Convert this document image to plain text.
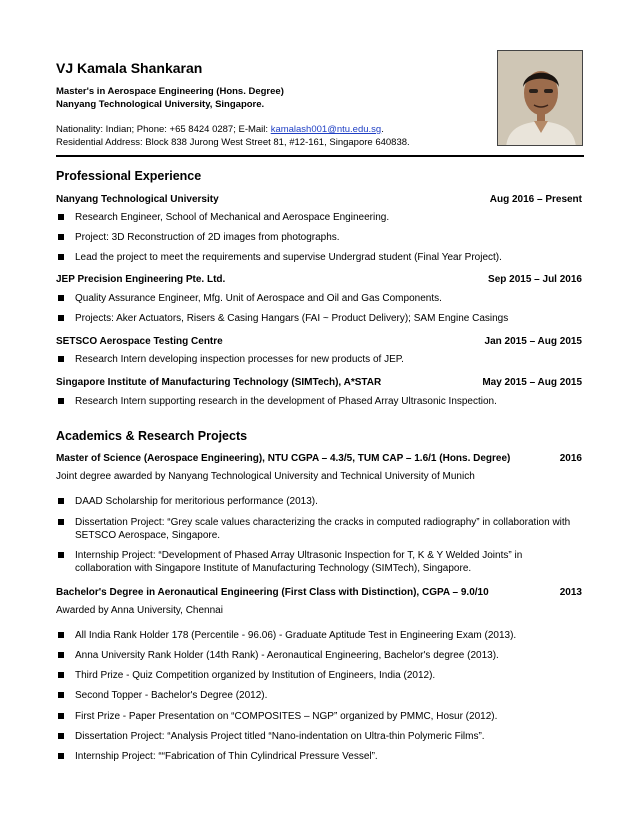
VJ Kamala Shankaran
Master's in Aerospace Engineering (Hons. Degree)
Nanyang Technological University, Singapore.
Nationality: Indian; Phone: +65 8424 0287; E-Mail: kamalash001@ntu.edu.sg.
Residential Address: Block 838 Jurong West Street 81, #12-161, Singapore 640838.
Professional Experience
Nanyang Technological University	Aug 2016 – Present
Research Engineer, School of Mechanical and Aerospace Engineering.
Project: 3D Reconstruction of 2D images from photographs.
Lead the project to meet the requirements and supervise Undergrad student (Final Year Project).
JEP Precision Engineering Pte. Ltd.	Sep 2015 – Jul 2016
Quality Assurance Engineer, Mfg. Unit of Aerospace and Oil and Gas Components.
Projects: Aker Actuators, Risers & Casing Hangars (FAI ~ Product Delivery); SAM Engine Casings
SETSCO Aerospace Testing Centre	Jan 2015 – Aug 2015
Research Intern developing inspection processes for new products of JEP.
Singapore Institute of Manufacturing Technology (SIMTech), A*STAR	May 2015 – Aug 2015
Research Intern supporting research in the development of Phased Array Ultrasonic Inspection.
Academics & Research Projects
Master of Science (Aerospace Engineering), NTU CGPA – 4.3/5, TUM CAP – 1.6/1 (Hons. Degree)	2016
Joint degree awarded by Nanyang Technological University and Technical University of Munich
DAAD Scholarship for meritorious performance (2013).
Dissertation Project: “Grey scale values characterizing the cracks in computed radiography” in collaboration with SETSCO Aerospace, Singapore.
Internship Project: “Development of Phased Array Ultrasonic Inspection for T, K & Y Welded Joints” in collaboration with Singapore Institute of Manufacturing Technology (SIMTech), Singapore.
Bachelor's Degree in Aeronautical Engineering (First Class with Distinction), CGPA – 9.0/10	2013
Awarded by Anna University, Chennai
All India Rank Holder 178 (Percentile - 96.06) - Graduate Aptitude Test in Engineering Exam (2013).
Anna University Rank Holder (14th Rank) - Aeronautical Engineering, Bachelor's degree (2013).
Third Prize - Quiz Competition organized by Institution of Engineers, India (2012).
Second Topper - Bachelor's Degree (2012).
First Prize - Paper Presentation on “COMPOSITES – NGP” organized by PMMC, Hosur (2012).
Dissertation Project: “Analysis Project titled “Nano-indentation on Ultra-thin Polymeric Films”.
Internship Project: ““Fabrication of Thin Cylindrical Pressure Vessel”.
